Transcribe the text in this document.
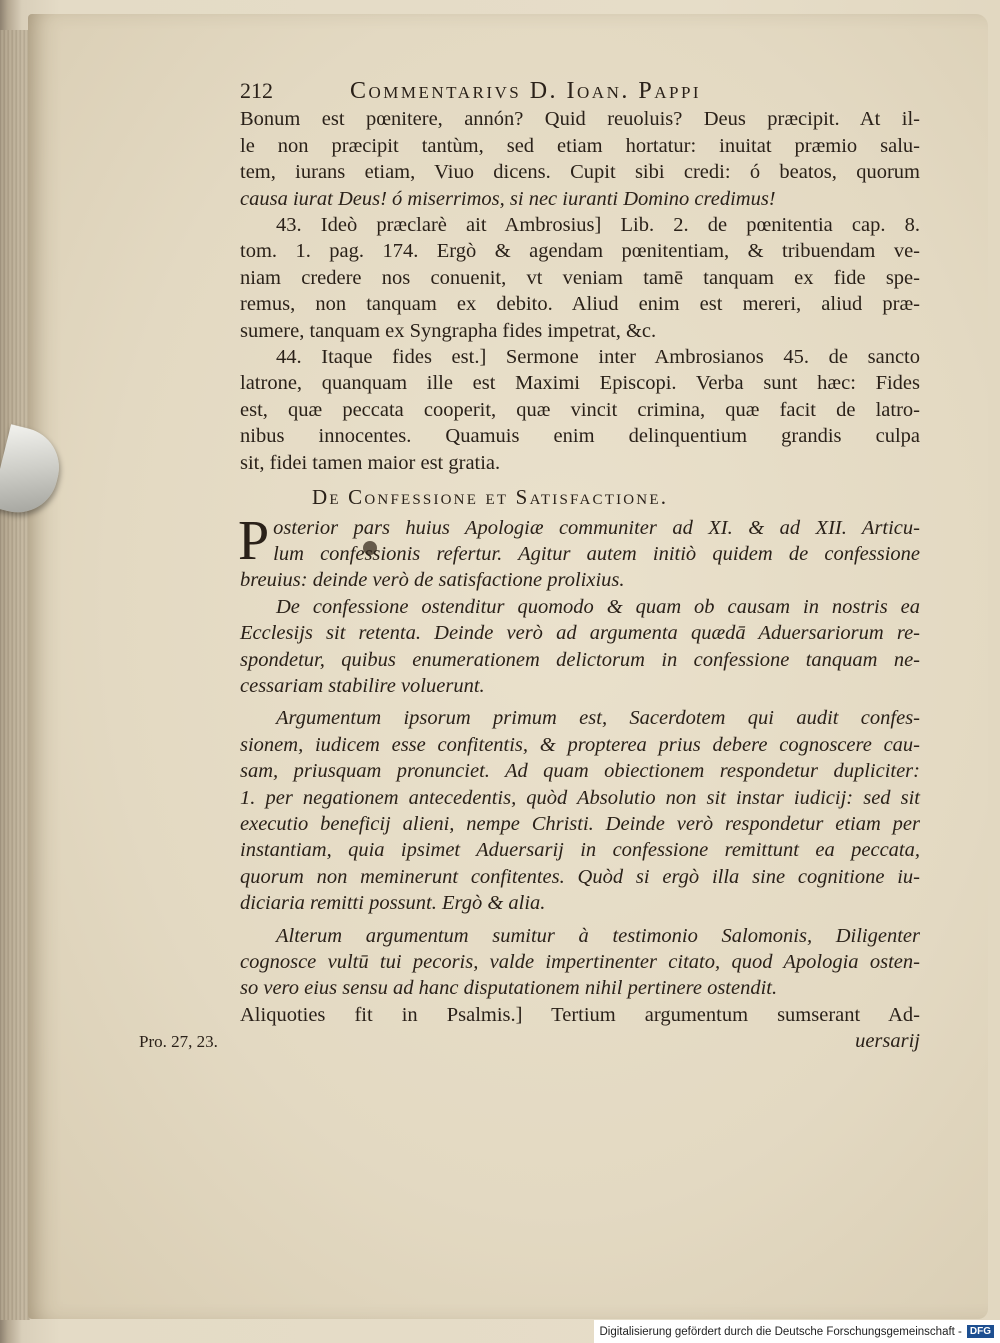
212	Commentarivs D. Ioan. Pappi
Bonum est pœnitere, annón? Quid reuoluis? Deus præcipit. At il-
le non præcipit tantùm, sed etiam hortatur: inuitat præmio salu-
tem, iurans etiam, Viuo dicens. Cupit sibi credi: ó beatos, quorum
causa iurat Deus! ó miserrimos, si nec iuranti Domino credimus!
43. Ideò præclarè ait Ambrosius] Lib. 2. de pœnitentia cap. 8.
tom. 1. pag. 174. Ergò & agendam pœnitentiam, & tribuendam ve-
niam credere nos conuenit, vt veniam tamē tanquam ex fide spe-
remus, non tanquam ex debito. Aliud enim est mereri, aliud præ-
sumere, tanquam ex Syngrapha fides impetrat, &c.
44. Itaque fides est.] Sermone inter Ambrosianos 45. de sancto
latrone, quanquam ille est Maximi Episcopi. Verba sunt hæc: Fides
est, quæ peccata cooperit, quæ vincit crimina, quæ facit de latro-
nibus innocentes. Quamuis enim delinquentium grandis culpa
sit, fidei tamen maior est gratia.
De Confessione et Satisfactione.
P osterior pars huius Apologiæ communiter ad XI. & ad XII. Articu-
lum confessionis refertur. Agitur autem initiò quidem de confessione
breuius: deinde verò de satisfactione prolixius.
De confessione ostenditur quomodo & quam ob causam in nostris ea
Ecclesijs sit retenta. Deinde verò ad argumenta quædā Aduersariorum re-
spondetur, quibus enumerationem delictorum in confessione tanquam ne-
cessariam stabilire voluerunt.
Argumentum ipsorum primum est, Sacerdotem qui audit confes-
sionem, iudicem esse confitentis, & propterea prius debere cognoscere cau-
sam, priusquam pronunciet. Ad quam obiectionem respondetur dupliciter:
1. per negationem antecedentis, quòd Absolutio non sit instar iudicij: sed sit
executio beneficij alieni, nempe Christi. Deinde verò respondetur etiam per
instantiam, quia ipsimet Aduersarij in confessione remittunt ea peccata,
quorum non meminerunt confitentes. Quòd si ergò illa sine cognitione iu-
diciaria remitti possunt. Ergò & alia.
Alterum argumentum sumitur à testimonio Salomonis, Diligenter
cognosce vultū tui pecoris, valde impertinenter citato, quod Apologia osten-
so vero eius sensu ad hanc disputationem nihil pertinere ostendit.
Aliquoties fit in Psalmis.] Tertium argumentum sumserant Ad-
uersarij
Pro. 27, 23.
Digitalisierung gefördert durch die Deutsche Forschungsgemeinschaft - DFG
